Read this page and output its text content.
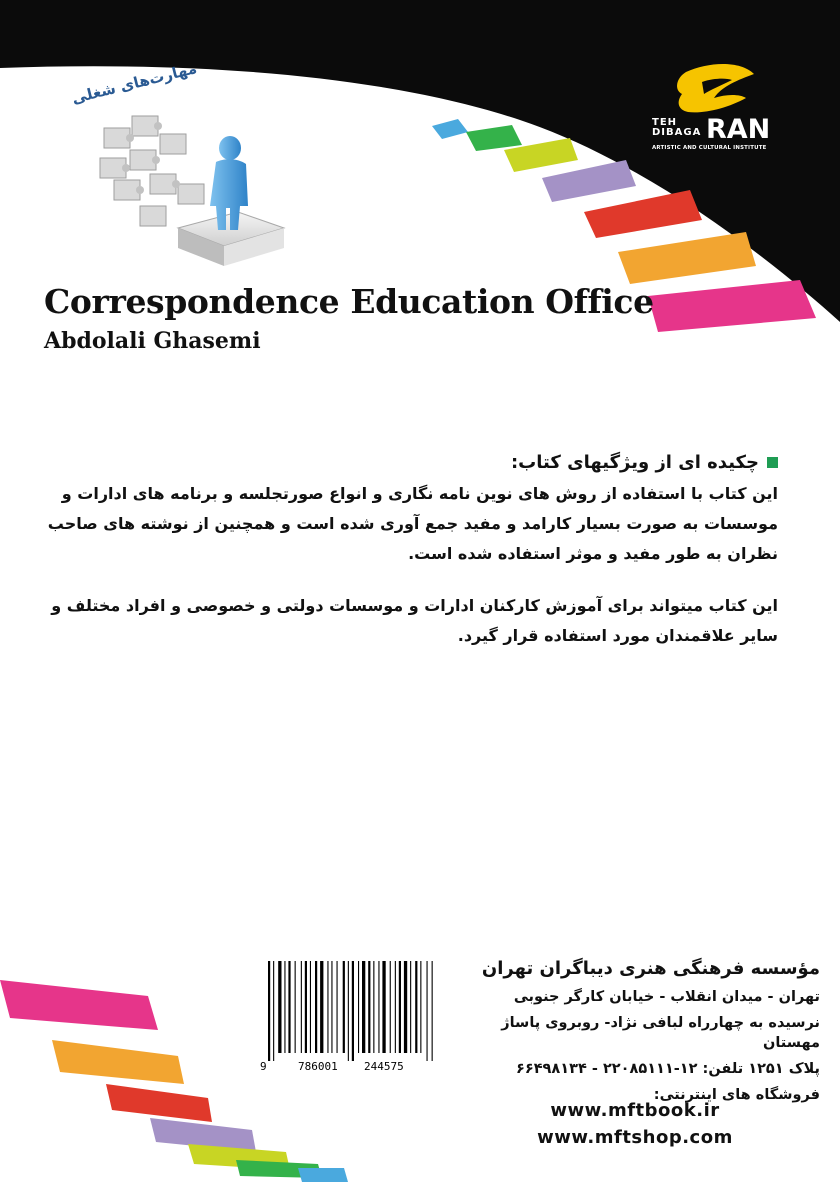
TEH
DIBAGA RAN
ARTISTIC AND CULTURAL INSTITUTE
مهارت‌های شغلی
Correspondence Education Office
Abdolali Ghasemi
چکیده ای از ویژگیهای کتاب:

این کتاب با استفاده از روش های نوین نامه نگاری و انواع صورتجلسه و برنامه های ادارات و موسسات به صورت بسیار کارامد و مفید جمع آوری شده است و همچنین از نوشته های صاحب نظران به طور مفید و موثر استفاده شده است.

این کتاب میتواند برای آموزش کارکنان ادارات و موسسات دولتی و خصوصی و افراد مختلف و سایر علاقمندان مورد استفاده قرار گیرد.

9	786001 244575

مؤسسه فرهنگی هنری دیباگران تهران

تهران - میدان انقلاب - خیابان کارگر جنوبی

نرسیده به چهارراه لبافی نژاد- روبروی پاساژ مهستان

پلاک ۱۲۵۱ تلفن: ۱۲-۲۲۰۸۵۱۱۱ - ۶۶۴۹۸۱۳۴

فروشگاه های اینترنتی:

www.mftbook.ir

www.mftshop.com
